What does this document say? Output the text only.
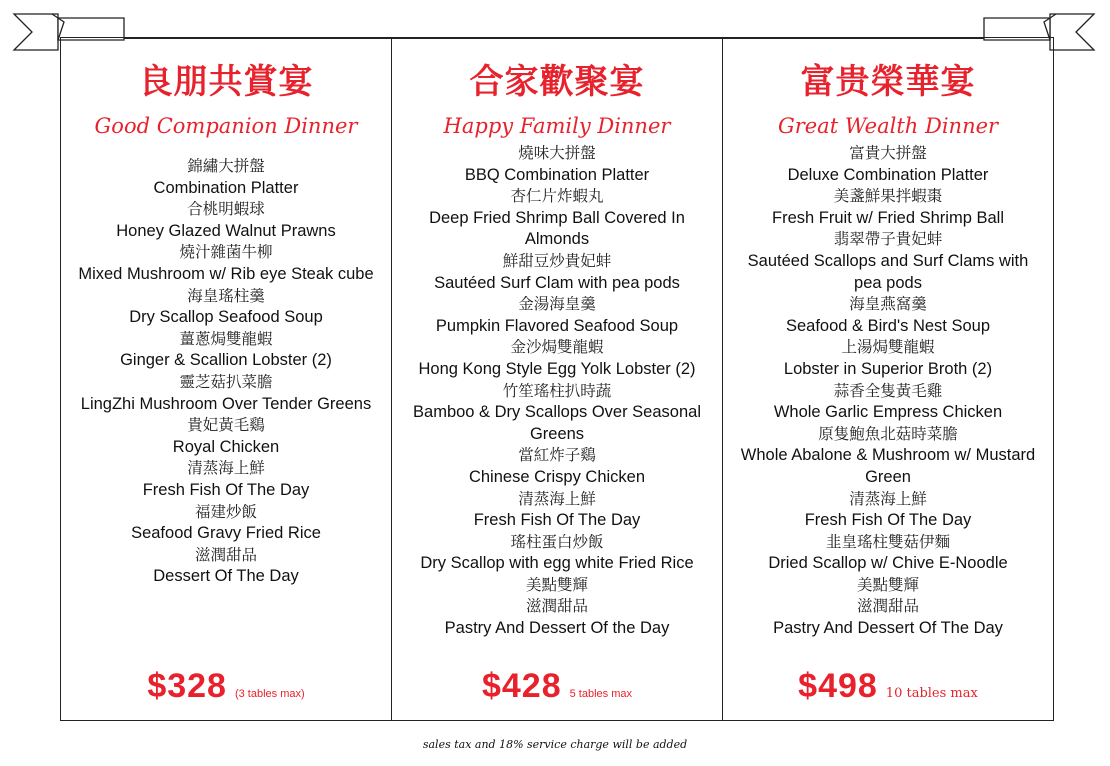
良朋共賞宴
Good Companion Dinner
錦繡大拼盤
Combination Platter
合桃明蝦球
Honey Glazed Walnut Prawns
燒汁雜菌牛柳
Mixed Mushroom w/ Rib eye Steak cube
海皇瑤柱羹
Dry Scallop Seafood Soup
薑蔥焗雙龍蝦
Ginger & Scallion Lobster (2)
靈芝菇扒菜膽
LingZhi Mushroom Over Tender Greens
貴妃黃毛鷄
Royal Chicken
清蒸海上鮮
Fresh Fish Of The Day
福建炒飯
Seafood Gravy Fried Rice
滋潤甜品
Dessert Of The Day
$328 (3 tables max)
合家歡聚宴
Happy Family Dinner
燒味大拼盤
BBQ Combination Platter
杏仁片炸蝦丸
Deep Fried Shrimp Ball Covered In Almonds
鮮甜豆炒貴妃蚌
Sautéed Surf Clam with pea pods
金湯海皇羹
Pumpkin Flavored Seafood Soup
金沙焗雙龍蝦
Hong Kong Style Egg Yolk Lobster (2)
竹笙瑤柱扒時蔬
Bamboo & Dry Scallops Over Seasonal Greens
當紅炸子鷄
Chinese Crispy Chicken
清蒸海上鮮
Fresh Fish Of The Day
瑤柱蛋白炒飯
Dry Scallop with egg white Fried Rice
美點雙輝
滋潤甜品
Pastry And Dessert Of the Day
$428 5 tables max
富贵榮華宴
Great Wealth Dinner
富貴大拼盤
Deluxe Combination Platter
美盞鮮果拌蝦棗
Fresh Fruit w/ Fried Shrimp Ball
翡翠帶子貴妃蚌
Sautéed Scallops and Surf Clams with pea pods
海皇燕窩羹
Seafood & Bird's Nest Soup
上湯焗雙龍蝦
Lobster in Superior Broth (2)
蒜香全隻黃毛雞
Whole Garlic Empress Chicken
原隻鮑魚北菇時菜膽
Whole Abalone & Mushroom w/ Mustard Green
清蒸海上鮮
Fresh Fish Of The Day
韭皇瑤柱雙菇伊麵
Dried Scallop w/ Chive E-Noodle
美點雙輝
滋潤甜品
Pastry And Dessert Of The Day
$498 10 tables max
sales tax and 18% service charge will be added
